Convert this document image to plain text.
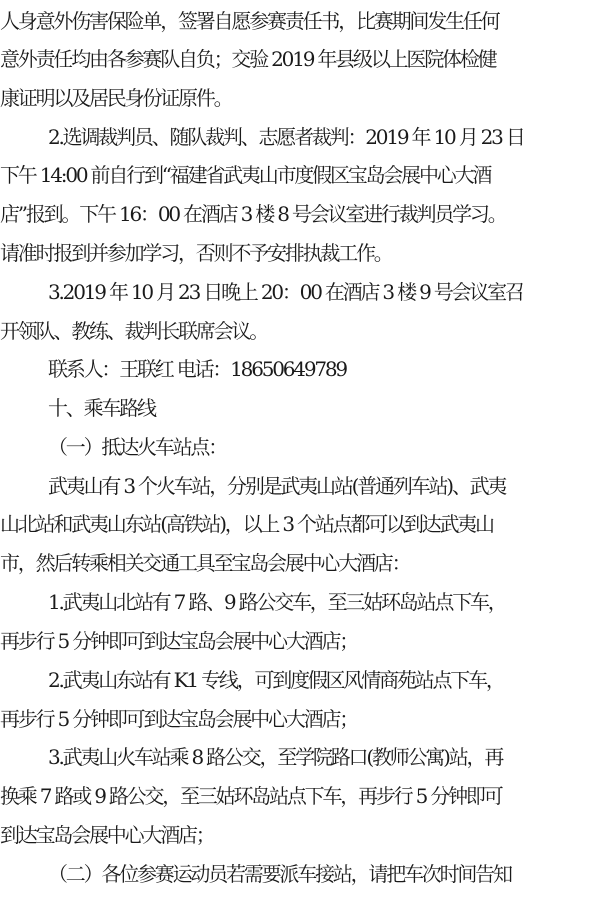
人身意外伤害保险单，签署自愿参赛责任书，比赛期间发生任何
意外责任均由各参赛队自负；交验 2019 年县级以上医院体检健
康证明以及居民身份证原件。
2.选调裁判员、随队裁判、志愿者裁判：2019 年 10 月 23 日
下午 14:00 前自行到“福建省武夷山市度假区宝岛会展中心大酒
店”报到。下午 16：00 在酒店 3 楼 8 号会议室进行裁判员学习。
请准时报到并参加学习，否则不予安排执裁工作。
3.2019 年 10 月 23 日晚上 20：00 在酒店 3 楼 9 号会议室召
开领队、教练、裁判长联席会议。
联系人：王联红 电话：18650649789
十、乘车路线
（一）抵达火车站点：
武夷山有 3 个火车站，分别是武夷山站(普通列车站)、武夷
山北站和武夷山东站(高铁站)，以上 3 个站点都可以到达武夷山
市，然后转乘相关交通工具至宝岛会展中心大酒店：
1.武夷山北站有 7 路、9 路公交车，至三姑环岛站点下车，
再步行 5 分钟即可到达宝岛会展中心大酒店；
2.武夷山东站有 K1 专线，可到度假区风情商苑站点下车，
再步行 5 分钟即可到达宝岛会展中心大酒店；
3.武夷山火车站乘 8 路公交，至学院路口(教师公寓)站，再
换乘 7 路或 9 路公交，至三姑环岛站点下车，再步行 5 分钟即可
到达宝岛会展中心大酒店；
（二）各位参赛运动员若需要派车接站，请把车次时间告知
